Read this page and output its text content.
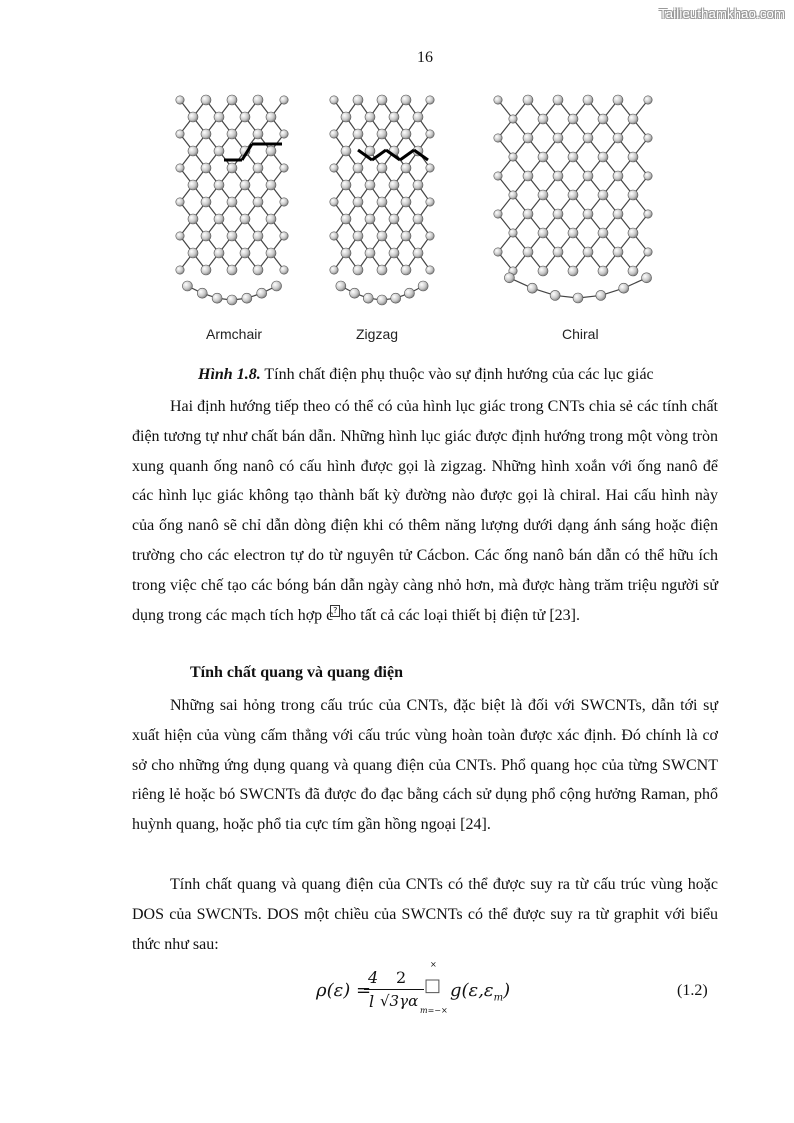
Tailieuthamkhao.com
16
Armchair	Zigzag	Chiral
Hình 1.8. Tính chất điện phụ thuộc vào sự định hướng của các lục giác

Hai định hướng tiếp theo có thể có của hình lục giác trong CNTs chia sẻ các tính chất điện tương tự như chất bán dẫn. Những hình lục giác được định hướng trong một vòng tròn xung quanh ống nanô có cấu hình được gọi là zigzag. Những hình xoắn với ống nanô để các hình lục giác không tạo thành bất kỳ đường nào được gọi là chiral. Hai cấu hình này của ống nanô sẽ chỉ dẫn dòng điện khi có thêm năng lượng dưới dạng ánh sáng hoặc điện trường cho các electron tự do từ nguyên tử Cácbon. Các ống nanô bán dẫn có thể hữu ích trong việc chế tạo các bóng bán dẫn ngày càng nhỏ hơn, mà được hàng trăm triệu người sử dụng trong các mạch tích hợp c? ho tất cả các loại thiết bị điện tử [23].

Tính chất quang và quang điện

Những sai hỏng trong cấu trúc của CNTs, đặc biệt là đối với SWCNTs, dẫn tới sự xuất hiện của vùng cấm thẳng với cấu trúc vùng hoàn toàn được xác định. Đó chính là cơ sở cho những ứng dụng quang và quang điện của CNTs. Phổ quang học của từng SWCNT riêng lẻ hoặc bó SWCNTs đã được đo đạc bằng cách sử dụng phổ cộng hưởng Raman, phổ huỳnh quang, hoặc phổ tia cực tím gần hồng ngoại [24].

Tính chất quang và quang điện của CNTs có thể được suy ra từ cấu trúc vùng hoặc DOS của SWCNTs. DOS một chiều của SWCNTs có thể được suy ra từ graphit với biểu thức như sau:

ρ(ε) =
4
l
2
√3γα
×
□
m=−×
$g(\varepsilon,\varepsilon_m)$	(1.2)
